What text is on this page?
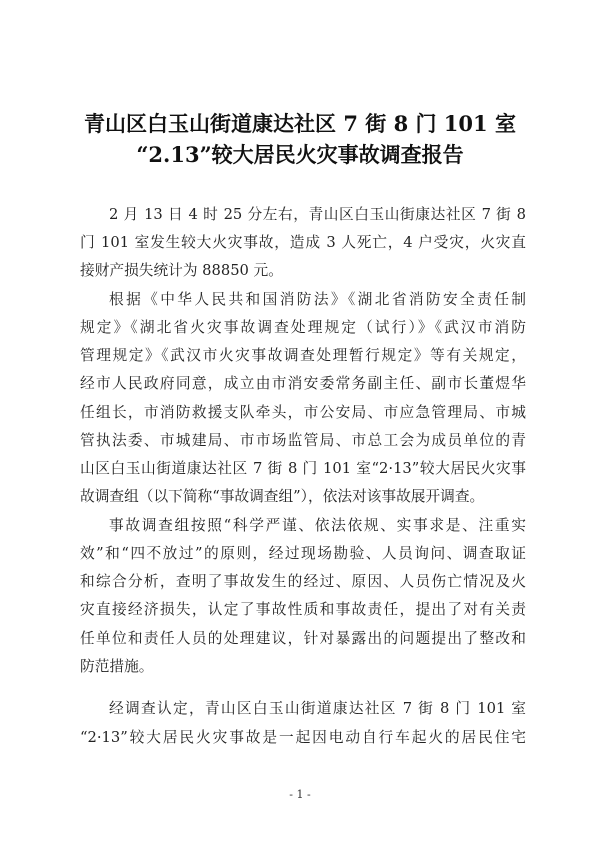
青山区白玉山街道康达社区 7 街 8 门 101 室
“2.13”较大居民火灾事故调查报告
2 月 13 日 4 时 25 分左右，青山区白玉山街康达社区 7 街 8
门 101 室发生较大火灾事故，造成 3 人死亡，4 户受灾，火灾直
接财产损失统计为 88850 元。
根据《中华人民共和国消防法》《湖北省消防安全责任制
规定》《湖北省火灾事故调查处理规定（试行）》《武汉市消防
管理规定》《武汉市火灾事故调查处理暂行规定》等有关规定，
经市人民政府同意，成立由市消安委常务副主任、副市长董煜华
任组长，市消防救援支队牵头，市公安局、市应急管理局、市城
管执法委、市城建局、市市场监管局、市总工会为成员单位的青
山区白玉山街道康达社区 7 街 8 门 101 室“2·13”较大居民火灾事
故调查组（以下简称“事故调查组”），依法对该事故展开调查。
事故调查组按照“科学严谨、依法依规、实事求是、注重实
效”和“四不放过”的原则，经过现场勘验、人员询问、调查取证
和综合分析，查明了事故发生的经过、原因、人员伤亡情况及火
灾直接经济损失，认定了事故性质和事故责任，提出了对有关责
任单位和责任人员的处理建议，针对暴露出的问题提出了整改和
防范措施。
经调查认定，青山区白玉山街道康达社区 7 街 8 门 101 室
“2·13”较大居民火灾事故是一起因电动自行车起火的居民住宅
- 1 -
